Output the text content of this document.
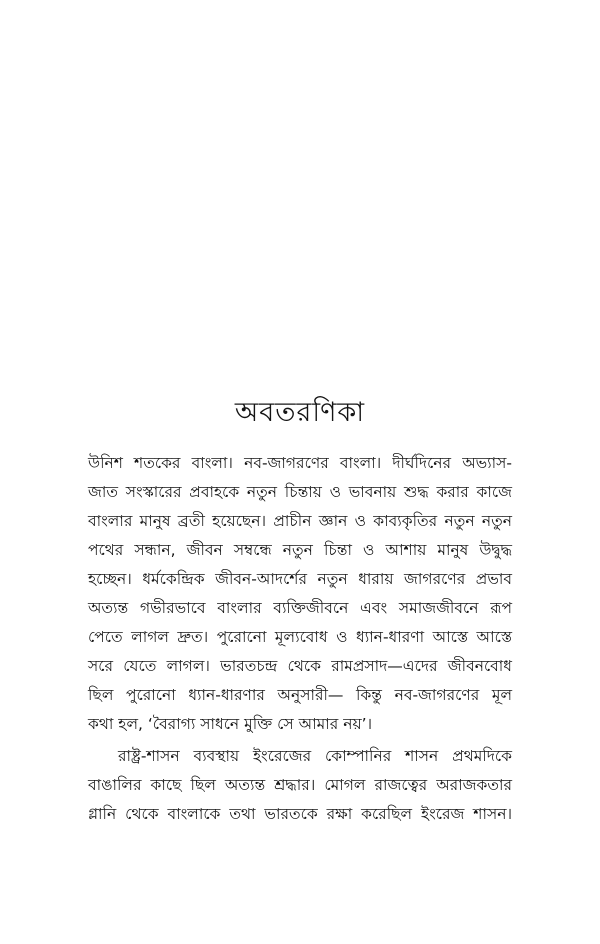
অবতরণিকা
উনিশ শতকের বাংলা। নব-জাগরণের বাংলা। দীর্ঘদিনের অভ্যাস-
জাত সংস্কারের প্রবাহকে নতুন চিন্তায় ও ভাবনায় শুদ্ধ করার কাজে
বাংলার মানুষ ব্রতী হয়েছেন। প্রাচীন জ্ঞান ও কাব্যকৃতির নতুন নতুন
পথের সন্ধান, জীবন সম্বন্ধে নতুন চিন্তা ও আশায় মানুষ উদ্বুদ্ধ
হচ্ছেন। ধর্মকেন্দ্রিক জীবন-আদর্শের নতুন ধারায় জাগরণের প্রভাব
অত্যন্ত গভীরভাবে বাংলার ব্যক্তিজীবনে এবং সমাজজীবনে রূপ
পেতে লাগল দ্রুত। পুরোনো মূল্যবোধ ও ধ্যান-ধারণা আস্তে আস্তে
সরে যেতে লাগল। ভারতচন্দ্র থেকে রামপ্রসাদ—এদের জীবনবোধ
ছিল পুরোনো ধ্যান-ধারণার অনুসারী— কিন্তু নব-জাগরণের মূল
কথা হল, ‘বৈরাগ্য সাধনে মুক্তি সে আমার নয়’।
রাষ্ট্র-শাসন ব্যবস্থায় ইংরেজের কোম্পানির শাসন প্রথমদিকে
বাঙালির কাছে ছিল অত্যন্ত শ্রদ্ধার। মোগল রাজত্বের অরাজকতার
গ্লানি থেকে বাংলাকে তথা ভারতকে রক্ষা করেছিল ইংরেজ শাসন।
